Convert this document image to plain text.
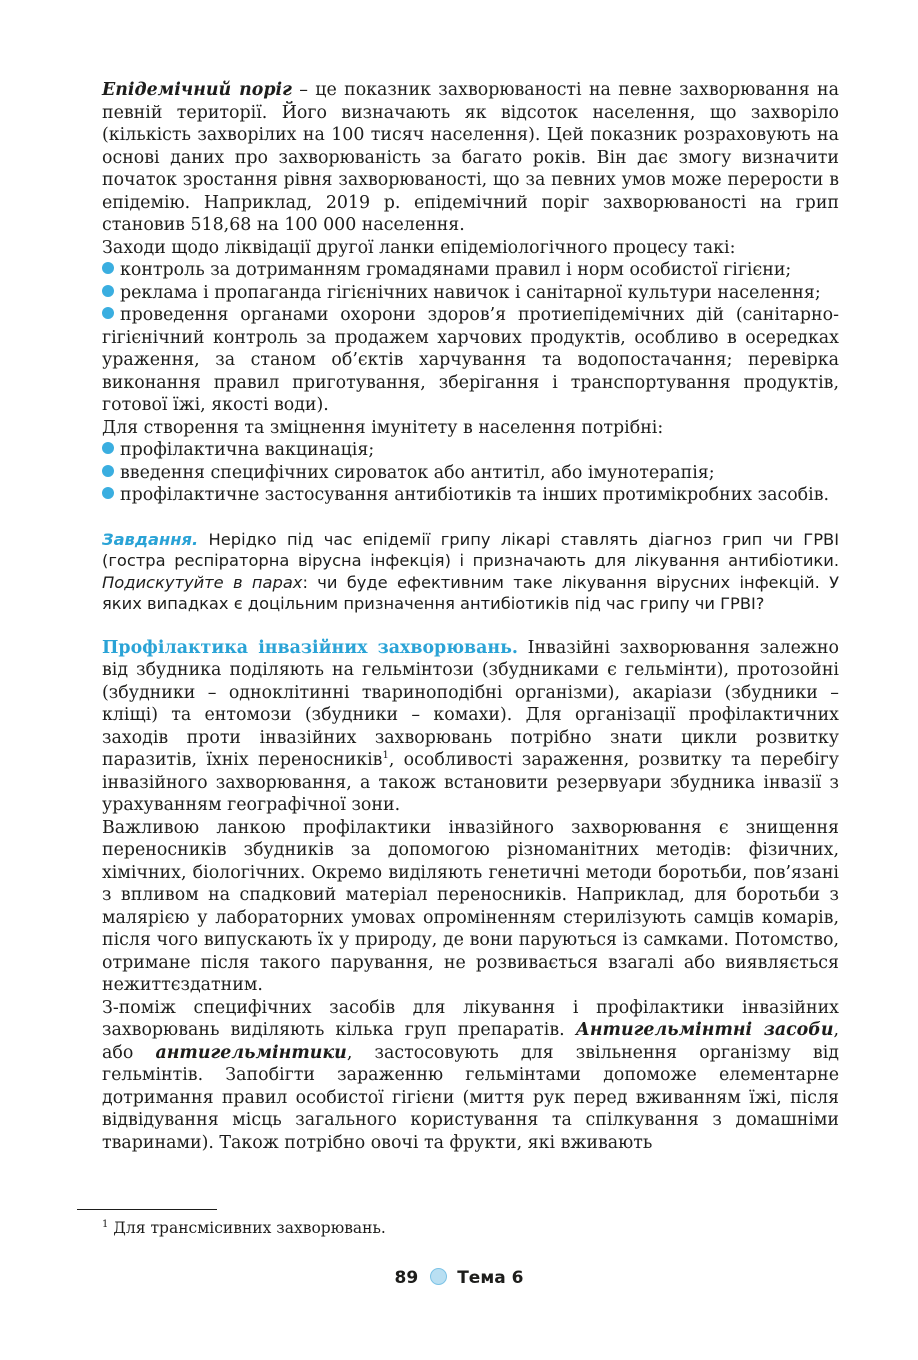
Епідемічний поріг – це показник захворюваності на певне захворювання на певній території. Його визначають як відсоток населення, що захворіло (кількість захворілих на 100 тисяч населення). Цей показник розраховують на основі даних про захворюваність за багато років. Він дає змогу визначити початок зростання рівня захворюваності, що за певних умов може перерости в епідемію. Наприклад, 2019 р. епідемічний поріг захворюваності на грип становив 518,68 на 100 000 населення.

Заходи щодо ліквідації другої ланки епідеміологічного процесу такі:

контроль за дотриманням громадянами правил і норм особистої гігієни;

реклама і пропаганда гігієнічних навичок і санітарної культури населення;

проведення органами охорони здоров’я протиепідемічних дій (санітарно-гігієнічний контроль за продажем харчових продуктів, особливо в осередках ураження, за станом об’єктів харчування та водопостачання; перевірка виконання правил приготування, зберігання і транспортування продуктів, готової їжі, якості води).

Для створення та зміцнення імунітету в населення потрібні:

профілактична вакцинація;

введення специфічних сироваток або антитіл, або імунотерапія;

профілактичне застосування антибіотиків та інших протимікробних засобів.

Завдання. Нерідко під час епідемії грипу лікарі ставлять діагноз грип чи ГРВІ (гостра респіраторна вірусна інфекція) і призначають для лікування антибіотики. Подискутуйте в парах: чи буде ефективним таке лікування вірусних інфекцій. У яких випадках є доцільним призначення антибіотиків під час грипу чи ГРВІ?

Профілактика інвазійних захворювань. Інвазійні захворювання залежно від збудника поділяють на гельмінтози (збудниками є гельмінти), протозойні (збудники – одноклітинні твариноподібні організми), акаріази (збудники – кліщі) та ентомози (збудники – комахи). Для організації профілактичних заходів проти інвазійних захворювань потрібно знати цикли розвитку паразитів, їхніх переносників$^1$, особливості зараження, розвитку та перебігу інвазійного захворювання, а також встановити резервуари збудника інвазії з урахуванням географічної зони.

Важливою ланкою профілактики інвазійного захворювання є знищення переносників збудників за допомогою різноманітних методів: фізичних, хімічних, біологічних. Окремо виділяють генетичні методи боротьби, пов’язані з впливом на спадковий матеріал переносників. Наприклад, для боротьби з малярією у лабораторних умовах опроміненням стерилізують самців комарів, після чого випускають їх у природу, де вони паруються із самками. Потомство, отримане після такого парування, не розвивається взагалі або виявляється нежиттєздатним.

З-поміж специфічних засобів для лікування і профілактики інвазійних захворювань виділяють кілька груп препаратів. Антигельмінтні засоби, або антигельмінтики, застосовують для звільнення організму від гельмінтів. Запобігти зараженню гельмінтами допоможе елементарне дотримання правил особистої гігієни (миття рук перед вживанням їжі, після відвідування місць загального користування та спілкування з домашніми тваринами). Також потрібно овочі та фрукти, які вживають

$^1$ Для трансмісивних захворювань.
89 Тема 6
